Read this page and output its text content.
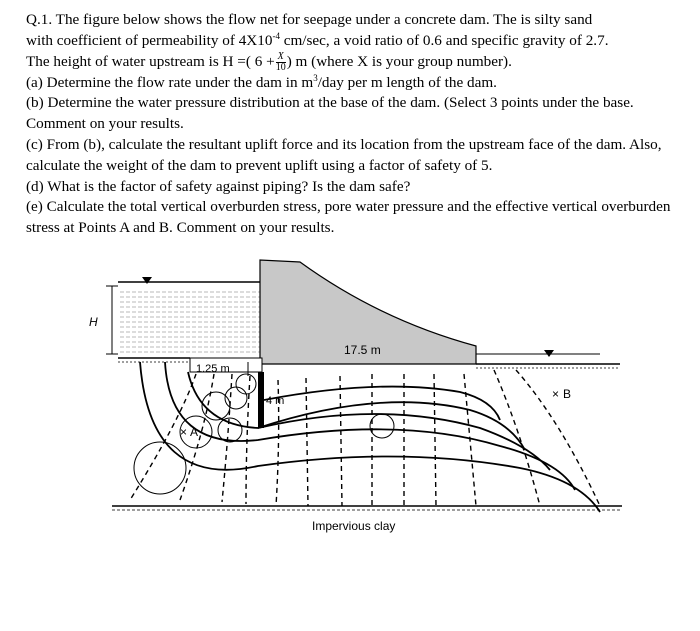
Q.1. The figure below shows the flow net for seepage under a concrete dam. The is silty sand
with coefficient of permeability of $4X10^{-4}$ cm/sec, a void ratio of 0.6 and specific gravity of 2.7.
The height of water upstream is H =( $6 + \frac{X}{10}$ ) m (where X is your group number).

(a) Determine the flow rate under the dam in $m^3$/day per m length of the dam.

(b) Determine the water pressure distribution at the base of the dam. (Select 3 points under the base. Comment on your results.

(c) From (b), calculate the resultant uplift force and its location from the upstream face of the dam. Also, calculate the weight of the dam to prevent uplift using a factor of safety of 5.

(d) What is the factor of safety against piping? Is the dam safe?

(e) Calculate the total vertical overburden stress, pore water pressure and the effective vertical overburden stress at Points A and B. Comment on your results.

H
17.5 m
1.25 m
4 m
× A
× B
Impervious clay
